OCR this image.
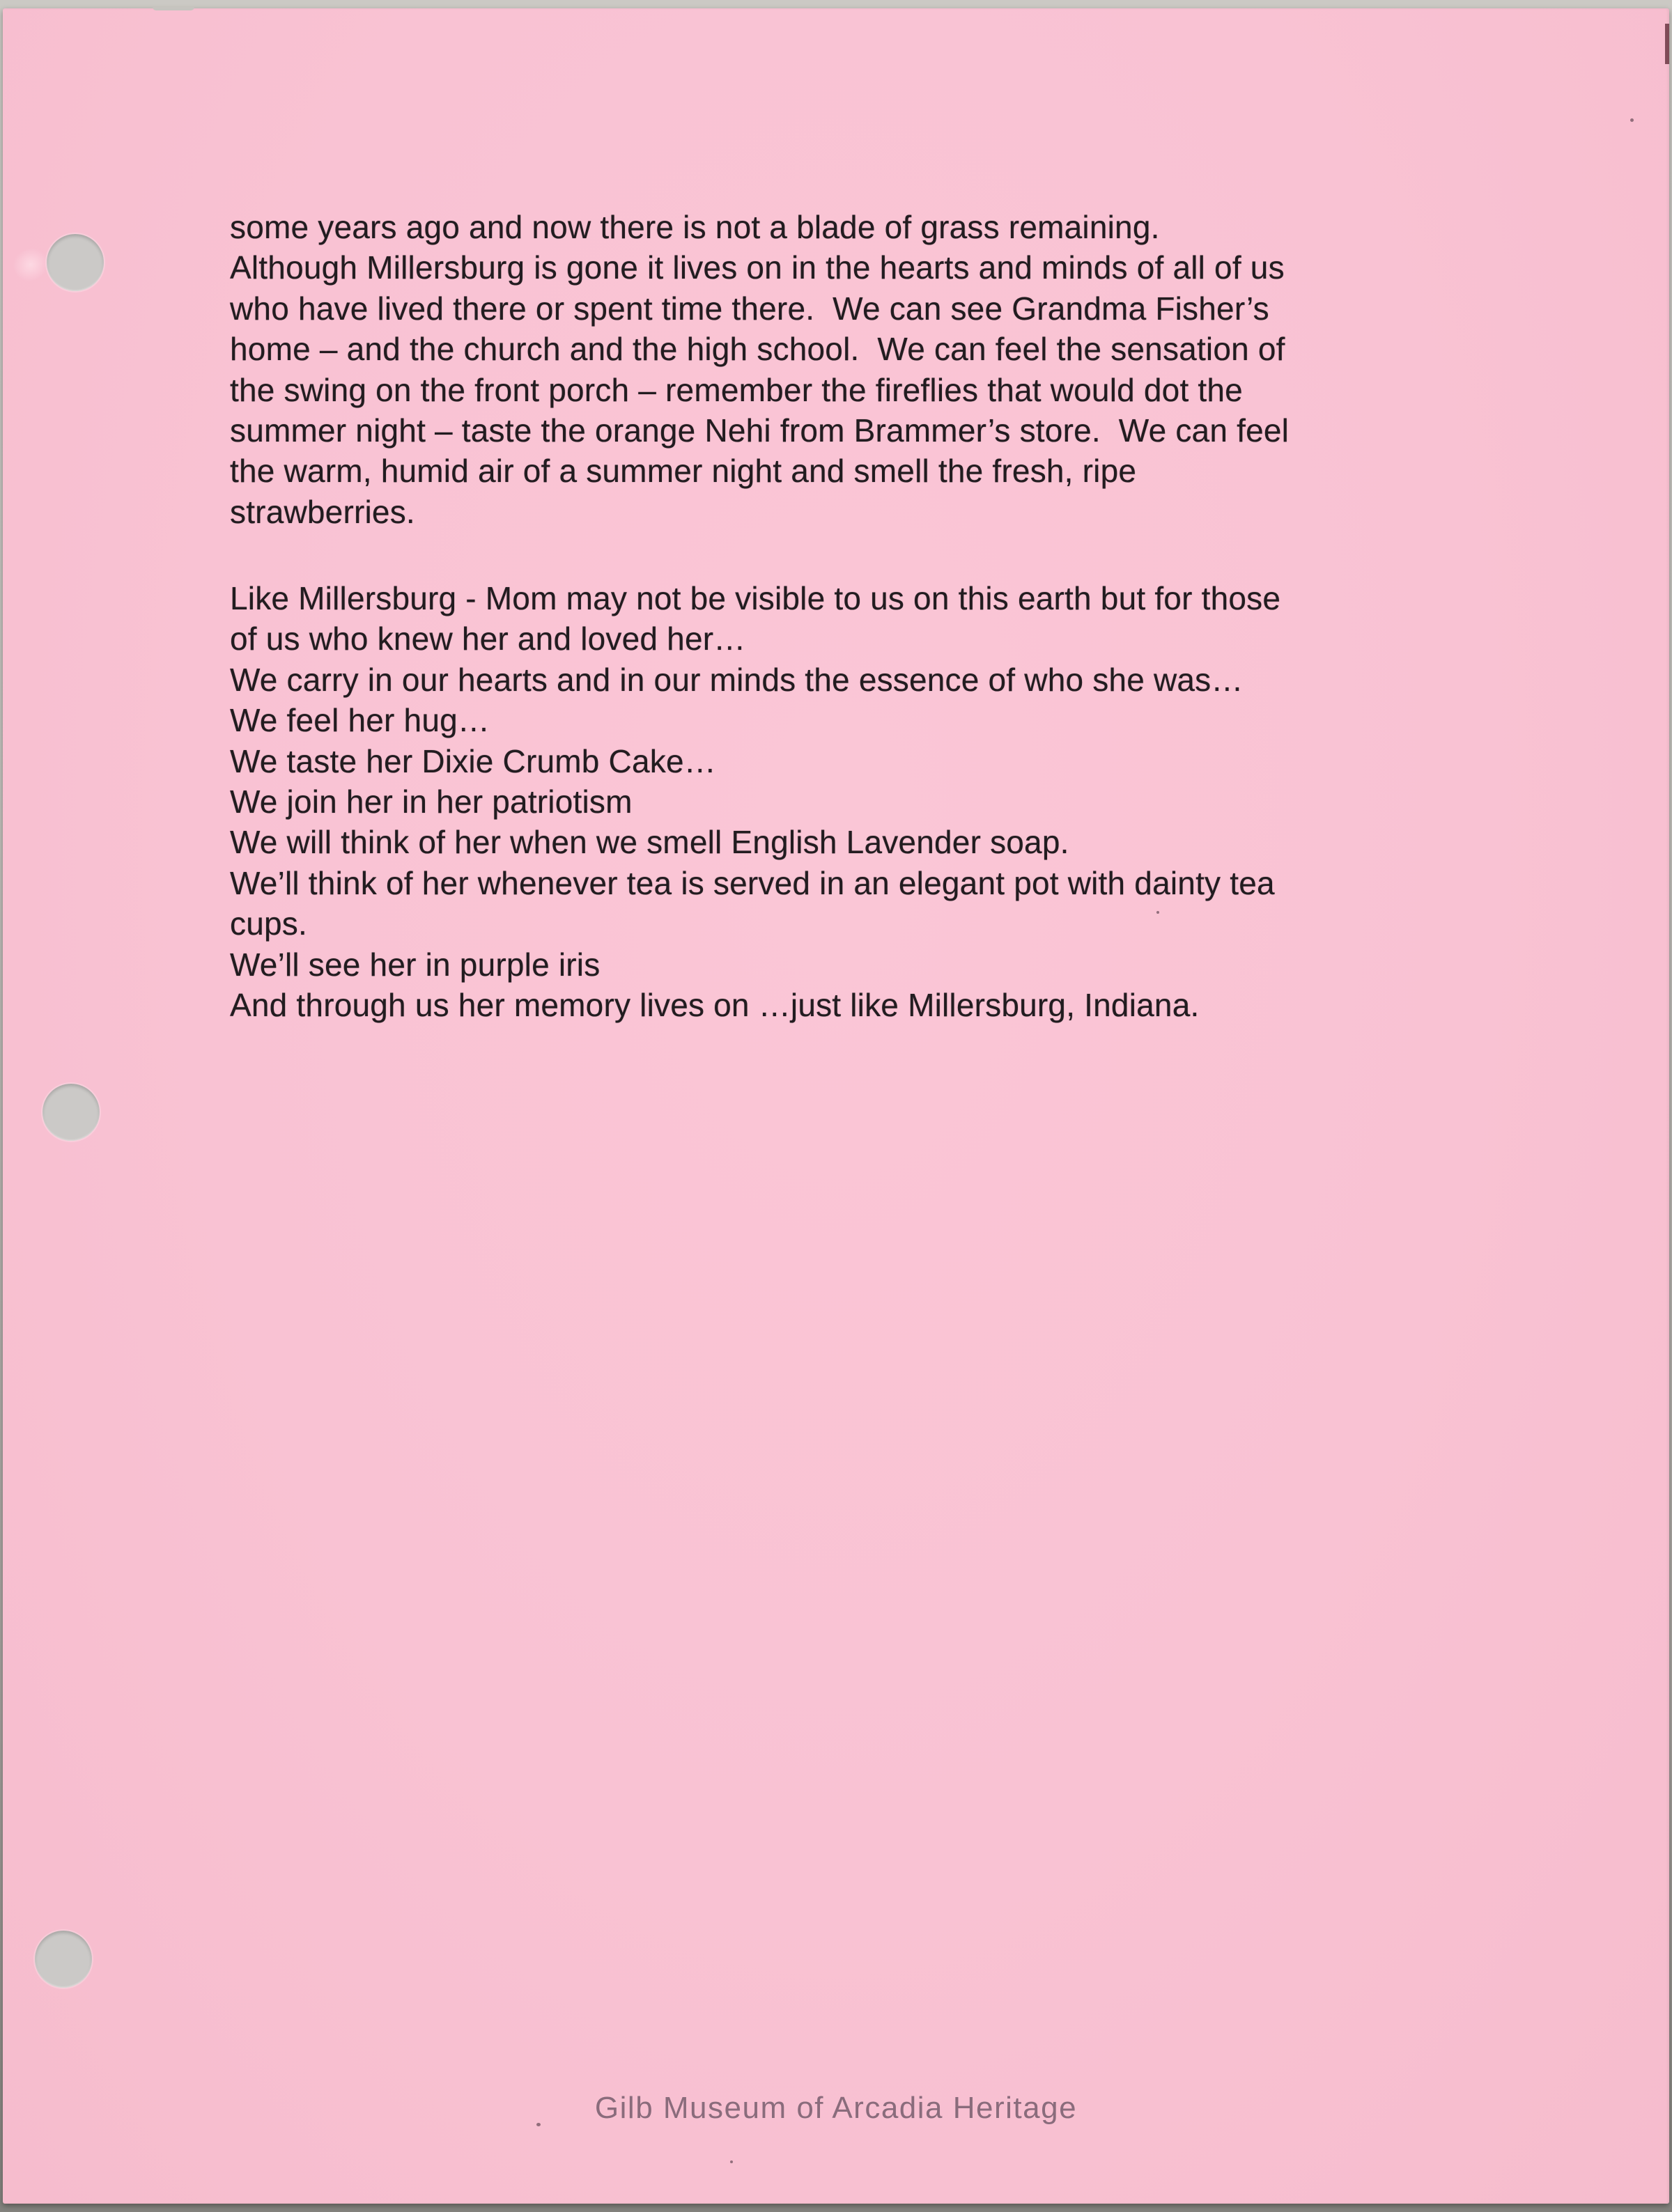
some years ago and now there is not a blade of grass remaining.
Although Millersburg is gone it lives on in the hearts and minds of all of us
who have lived there or spent time there.  We can see Grandma Fisher’s
home – and the church and the high school.  We can feel the sensation of
the swing on the front porch – remember the fireflies that would dot the
summer night – taste the orange Nehi from Brammer’s store.  We can feel
the warm, humid air of a summer night and smell the fresh, ripe
strawberries.
Like Millersburg - Mom may not be visible to us on this earth but for those
of us who knew her and loved her…
We carry in our hearts and in our minds the essence of who she was…
We feel her hug…
We taste her Dixie Crumb Cake…
We join her in her patriotism
We will think of her when we smell English Lavender soap.
We’ll think of her whenever tea is served in an elegant pot with dainty tea
cups.
We’ll see her in purple iris
And through us her memory lives on …just like Millersburg, Indiana.
Gilb Museum of Arcadia Heritage
